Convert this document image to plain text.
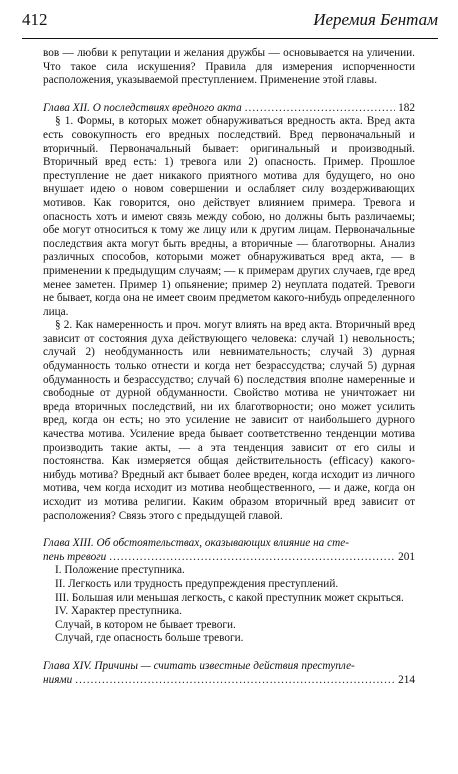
412	Иеремия Бентам

вов — любви к репутации и желания дружбы — основывается на уличении. Что такое сила искушения? Правила для измерения испорченности расположения, указываемой преступлением. Применение этой главы.

Глава XII. О последствиях вредного акта .....	182

§ 1. Формы, в которых может обнаруживаться вредность акта. Вред акта есть совокупность его вредных последствий. Вред первоначальный и вторичный. Первоначальный бывает: оригинальный и производный. Вторичный вред есть: 1) тревога или 2) опасность. Пример. Прошлое преступление не дает никакого приятного мотива для будущего, но оно внушает идею о новом совершении и ослабляет силу воздерживающих мотивов. Как говорится, оно действует влиянием примера. Тревога и опасность хотъ и имеют связь между собою, но должны быть различаемы; обе могут относиться к тому же лицу или к другим лицам. Первоначальные последствия акта могут быть вредны, а вторичные — благотворны. Анализ различных способов, которыми может обнаруживаться вред акта, — в применении к предыдущим случаям; — к примерам других случаев, где вред менее заметен. Пример 1) опьянение; пример 2) неуплата податей. Тревоги не бывает, когда она не имеет своим предметом какого-нибудь определенного лица.

§ 2. Как намеренность и проч. могут влиять на вред акта. Вторичный вред зависит от состояния духа действующего человека: случай 1) невольность; случай 2) необдуманность или невнимательность; случай 3) дурная обдуманность только отнести и когда нет безрассудства; случай 5) дурная обдуманность и безрассудство; случай 6) последствия вполне намеренные и свободные от дурной обдуманности. Свойство мотива не уничтожает ни вреда вторичных последствий, ни их благотворности; оно может усилить вред, когда он есть; но это усиление не зависит от наибольшего дурного качества мотива. Усиление вреда бывает соответственно тенденции мотива производить такие акты, — а эта тенденция зависит от его силы и постоянства. Как измеряется общая действительность (efficacy) какого-нибудь мотива? Вредный акт бывает более вреден, когда исходит из личного мотива, чем когда исходит из мотива необщественного, — и даже, когда он исходит из мотива религии. Каким образом вторичный вред зависит от расположения? Связь этого с предыдущей главой.

Глава XIII. Об обстоятельствах, оказывающих влияние на сте-
пень тревоги .....	201

I. Положение преступника.

II. Легкость или трудность предупреждения преступлений.

III. Большая или меньшая легкость, с какой преступник может скрыться.

IV. Характер преступника.

Случай, в котором не бывает тревоги.

Случай, где опасность больше тревоги.

Глава XIV. Причины — считать известные действия преступле-
ниями .....	214
